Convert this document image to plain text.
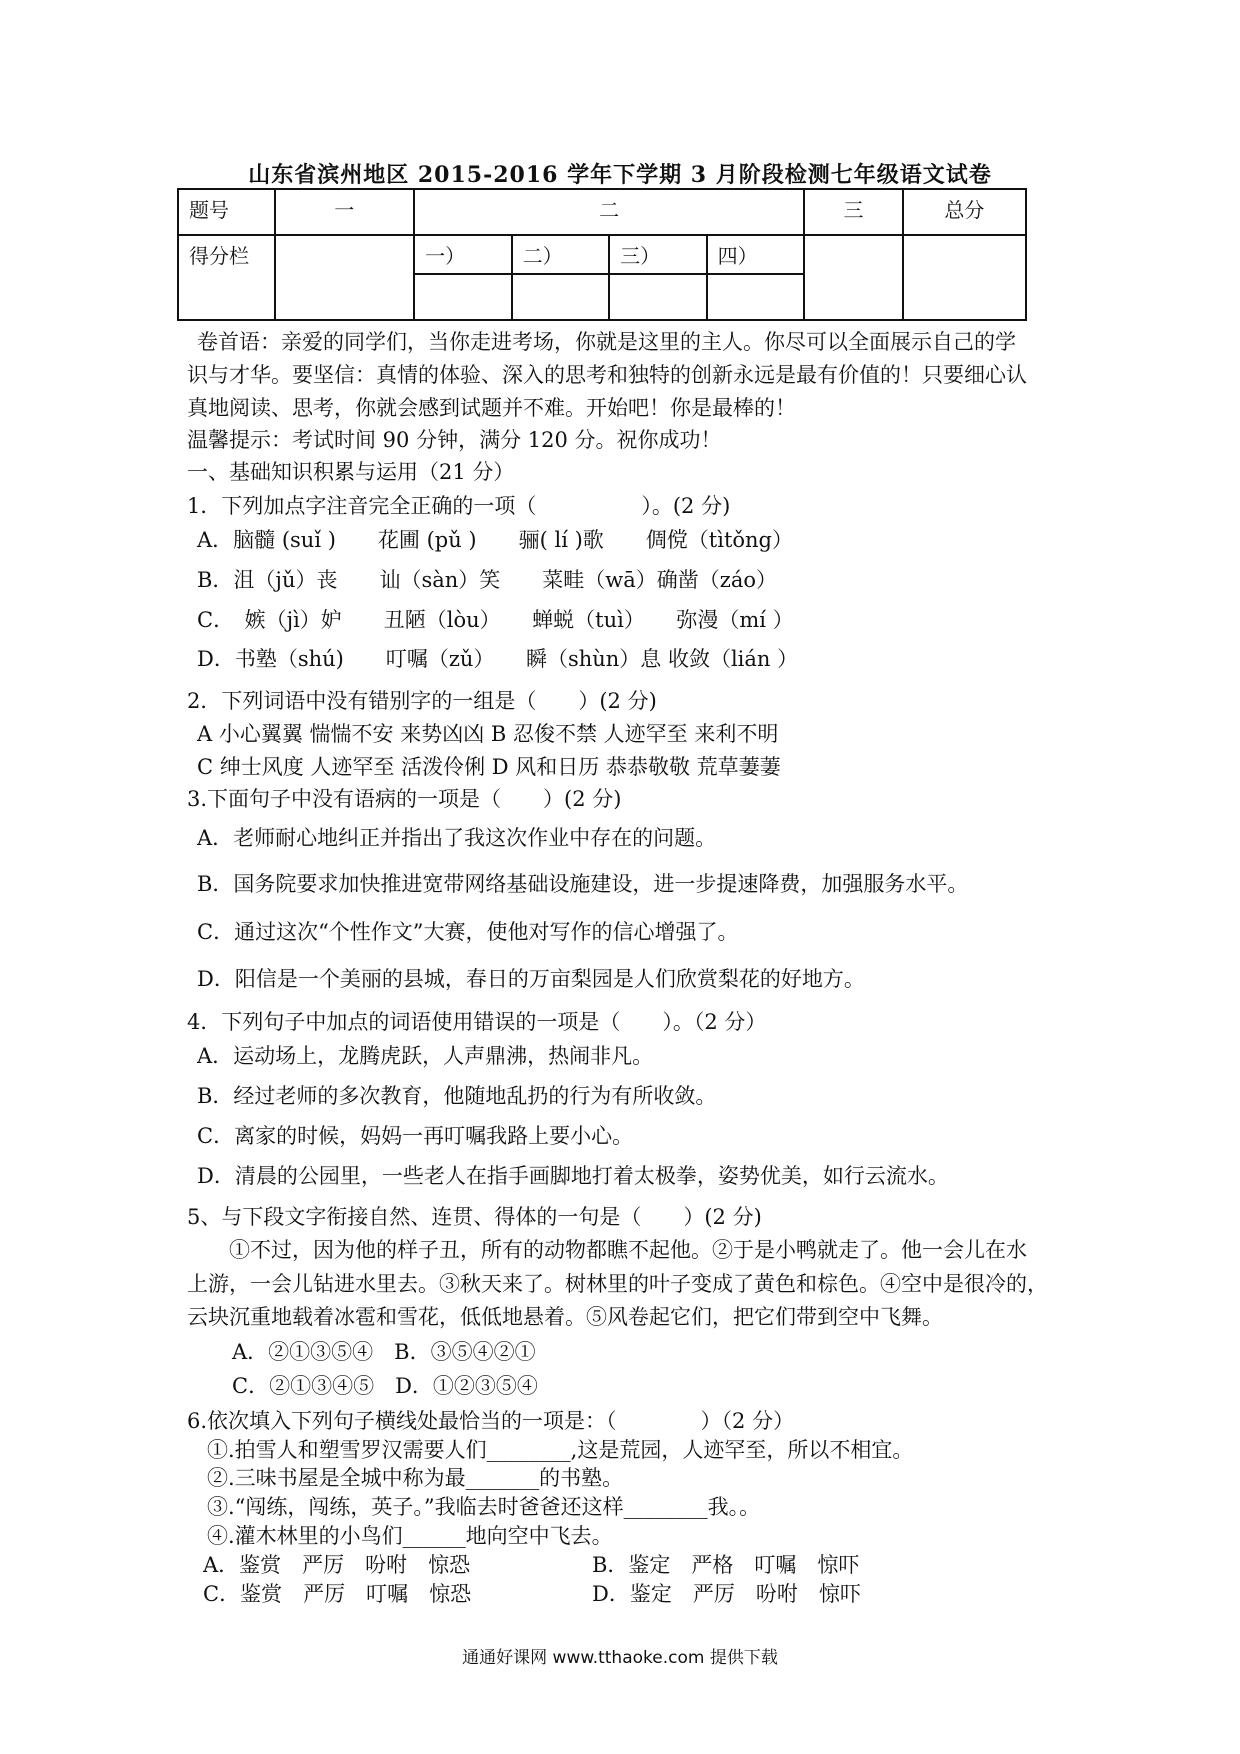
山东省滨州地区 2015-2016 学年下学期 3 月阶段检测七年级语文试卷
题号	一	二				三	总分
得分栏		一）	二）	三）	四）		

卷首语：亲爱的同学们，当你走进考场，你就是这里的主人。你尽可以全面展示自己的学
识与才华。要坚信：真情的体验、深入的思考和独特的创新永远是最有价值的！只要细心认
真地阅读、思考，你就会感到试题并不难。开始吧！你是最棒的！
温馨提示：考试时间 90 分钟，满分 120 分。祝你成功！
一、基础知识积累与运用（21 分）
1．下列加点字注音完全正确的一项（　　　　　）。(2 分)
A．脑髓 (suǐ )　　花圃 (pǔ )　　骊( lí )歌　　倜傥（tìtǒng）
B．沮（jǔ）丧　　讪（sàn）笑　　菜畦（wā）确凿（záo）
C．　嫉（jì）妒　　丑陋（lòu）　　蝉蜕（tuì）　　弥漫（mí ）
D．书塾（shú)　　叮嘱（zǔ）　　瞬（shùn）息 收敛（lián ）
2．下列词语中没有错别字的一组是（　　）(2 分)
A 小心翼翼 惴惴不安 来势凶凶 B 忍俊不禁 人迹罕至 来利不明
C 绅士风度 人迹罕至 活泼伶俐 D 风和日历 恭恭敬敬 荒草萋萋
3.下面句子中没有语病的一项是（　　）(2 分)
A．老师耐心地纠正并指出了我这次作业中存在的问题。
B．国务院要求加快推进宽带网络基础设施建设，进一步提速降费，加强服务水平。
C．通过这次“个性作文”大赛，使他对写作的信心增强了。
D．阳信是一个美丽的县城，春日的万亩梨园是人们欣赏梨花的好地方。
4．下列句子中加点的词语使用错误的一项是（　　）。（2 分）
A．运动场上，龙腾虎跃，人声鼎沸，热闹非凡。
B．经过老师的多次教育，他随地乱扔的行为有所收敛。
C．离家的时候，妈妈一再叮嘱我路上要小心。
D．清晨的公园里，一些老人在指手画脚地打着太极拳，姿势优美，如行云流水。
5、与下段文字衔接自然、连贯、得体的一句是（　　）(2 分)
　　①不过，因为他的样子丑，所有的动物都瞧不起他。②于是小鸭就走了。他一会儿在水
上游，一会儿钻进水里去。③秋天来了。树林里的叶子变成了黄色和棕色。④空中是很冷的，
云块沉重地载着冰雹和雪花，低低地悬着。⑤风卷起它们，把它们带到空中飞舞。
A．②①③⑤④　B．③⑤④②①
C．②①③④⑤　D．①②③⑤④
6.依次填入下列句子横线处最恰当的一项是：（　　　　）（2 分）
①.拍雪人和塑雪罗汉需要人们________,这是荒园，人迹罕至，所以不相宜。
②.三味书屋是全城中称为最_______的书塾。
③.“闯练，闯练，英子。”我临去时爸爸还这样________我。。
④.灌木林里的小鸟们______地向空中飞去。
A．鉴赏　严厉　吩咐　惊恐	B．鉴定　严格　叮嘱　惊吓
C．鉴赏　严厉　叮嘱　惊恐	D．鉴定　严厉　吩咐　惊吓
通通好课网 www.tthaoke.com 提供下载
